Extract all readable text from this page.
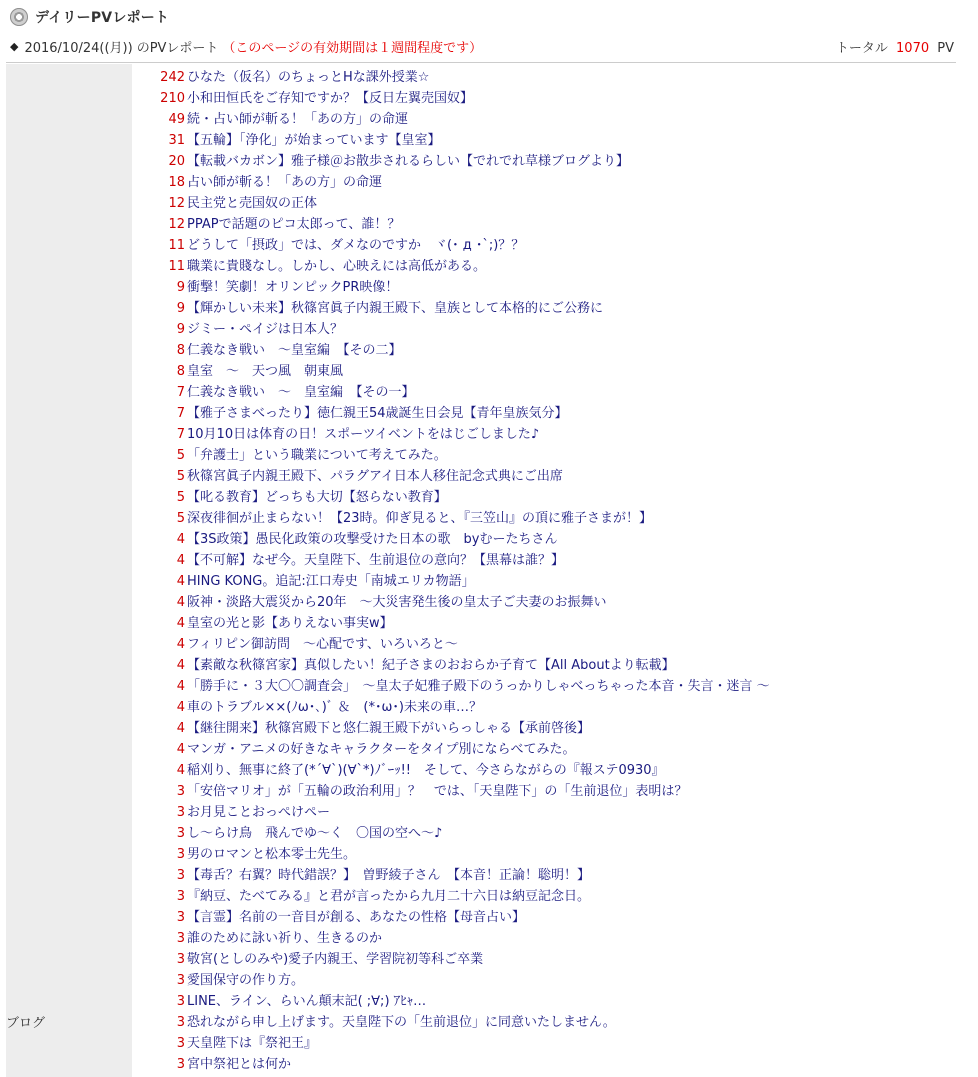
デイリーPVレポート
◆ 2016/10/24((月)) のPVレポート （このページの有効期間は１週間程度です）	トータル 1070 PV
ブログ
242 ひなた（仮名）のちょっとHな課外授業☆
210 小和田恒氏をご存知ですか？【反日左翼売国奴】
49 続・占い師が斬る！「あの方」の命運
31 【五輪】「浄化」が始まっています【皇室】
20 【転載バカボン】雅子様＠お散歩されるらしい【でれでれ草様ブログより】
18 占い師が斬る！「あの方」の命運
12 民主党と売国奴の正体
12 PPAPで話題のピコ太郎って、誰！？
11 どうして「摂政」では、ダメなのですか　ヾ(･ д ･`;)？？
11 職業に貴賤なし。しかし、心映えには高低がある。
9 衝撃！笑劇！オリンピックPR映像！
9 【輝かしい未来】秋篠宮眞子内親王殿下、皇族として本格的にご公務に
9 ジミー・ペイジは日本人？
8 仁義なき戦い　～皇室編　【その二】
8 皇室　～　天つ風　朝東風
7 仁義なき戦い　～　皇室編　【その一】
7 【雅子さまべったり】徳仁親王54歳誕生日会見【青年皇族気分】
7 10月10日は体育の日！スポーツイベントをはじごしました♪
5 「弁護士」という職業について考えてみた。
5 秋篠宮眞子内親王殿下、パラグアイ日本人移住記念式典にご出席
5 【叱る教育】どっちも大切【怒らない教育】
5 深夜徘徊が止まらない！【23時。仰ぎ見ると、『三笠山』の頂に雅子さまが！】
4 【3S政策】愚民化政策の攻撃受けた日本の歌　byむーたちさん
4 【不可解】なぜ今。天皇陛下、生前退位の意向？【黒幕は誰？】
4 HING KONG。追記:江口寿史「南城エリカ物語」
4 阪神・淡路大震災から20年　～大災害発生後の皇太子ご夫妻のお振舞い
4 皇室の光と影【ありえない事実w】
4 フィリピン御訪問　～心配です、いろいろと～
4 【素敵な秋篠宮家】真似したい！紀子さまのおおらか子育て【All Aboutより転載】
4 「勝手に・３大〇〇調査会」　～皇太子妃雅子殿下のうっかりしゃべっちゃった本音・失言・迷言 ～
4 車のトラブル××(ﾉω･､)ﾞ ＆　(*･ω･)未来の車…？
4 【継往開来】秋篠宮殿下と悠仁親王殿下がいらっしゃる【承前啓後】
4 マンガ・アニメの好きなキャラクターをタイプ別にならべてみた。
4 稲刈り、無事に終了(*´∀`)(∀`*)ﾉﾞｰｯ!!　そして、今さらながらの『報ステ0930』
3 「安倍マリオ」が「五輪の政治利用」？　では、「天皇陛下」の「生前退位」表明は？
3 お月見ことおっぺけペー
3 し～らけ鳥　飛んでゆ～く　〇国の空へ～♪
3 男のロマンと松本零士先生。
3 【毒舌？右翼？時代錯誤？】　曽野綾子さん　【本音！正論！聡明！】
3 『納豆、たべてみる』と君が言ったから九月二十六日は納豆記念日。
3 【言霊】名前の一音目が創る、あなたの性格【母音占い】
3 誰のために詠い祈り、生きるのか
3 敬宮(としのみや)愛子内親王、学習院初等科ご卒業
3 愛国保守の作り方。
3 LINE、ライン、らいん顛末記( ;∀;) ｱﾋｬ…
3 恐れながら申し上げます。天皇陛下の「生前退位」に同意いたしません。
3 天皇陛下は『祭祀王』
3 宮中祭祀とは何か
